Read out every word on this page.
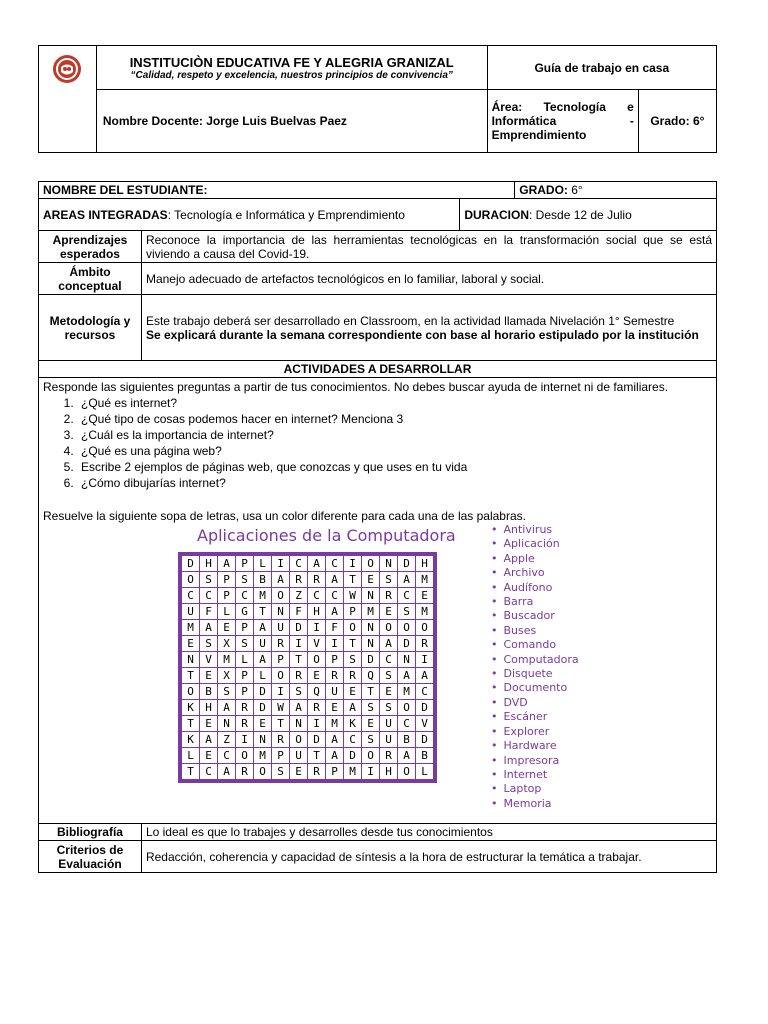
INSTITUCIÒN EDUCATIVA FE Y ALEGRIA GRANIZAL
“Calidad, respeto y excelencia, nuestros principios de convivencia”	Guía de trabajo en casa	
	Nombre Docente: Jorge Luis Buelvas Paez	Área: Tecnología e Informática - Emprendimiento	Grado: 6°
NOMBRE DEL ESTUDIANTE:	GRADO: 6°
AREAS INTEGRADAS: Tecnología e Informática y Emprendimiento	DURACION: Desde 12 de Julio
Aprendizajes esperados	Reconoce la importancia de las herramientas tecnológicas en la transformación social que se está viviendo a causa del Covid-19.
Ámbito conceptual	Manejo adecuado de artefactos tecnológicos en lo familiar, laboral y social.
Metodología y recursos	
Este trabajo deberá ser desarrollado en Classroom, en la actividad llamada Nivelación 1° Semestre
Se explicará durante la semana correspondiente con base al horario estipulado por la institución

ACTIVIDADES A DESARROLLAR

Responde las siguientes preguntas a partir de tus conocimientos. No debes buscar ayuda de internet ni de familiares.
1. ¿Qué es internet?
2. ¿Qué tipo de cosas podemos hacer en internet? Menciona 3
3. ¿Cuál es la importancia de internet?
4. ¿Qué es una página web?
5. Escribe 2 ejemplos de páginas web, que conozcas y que uses en tu vida
6. ¿Cómo dibujarías internet?
Resuelve la siguiente sopa de letras, usa un color diferente para cada una de las palabras.
Aplicaciones de la Computadora
D	H	A	P	L	I	C	A	C	I	O	N	D	H
O	S	P	S	B	A	R	R	A	T	E	S	A	M
C	C	P	C	M	O	Z	C	C	W	N	R	C	E
U	F	L	G	T	N	F	H	A	P	M	E	S	M
M	A	E	P	A	U	D	I	F	O	N	O	O	O
E	S	X	S	U	R	I	V	I	T	N	A	D	R
N	V	M	L	A	P	T	O	P	S	D	C	N	I
T	E	X	P	L	O	R	E	R	R	Q	S	A	A
O	B	S	P	D	I	S	Q	U	E	T	E	M	C
K	H	A	R	D	W	A	R	E	A	S	S	O	D
T	E	N	R	E	T	N	I	M	K	E	U	C	V
K	A	Z	I	N	R	O	D	A	C	S	U	B	D
L	E	C	O	M	P	U	T	A	D	O	R	A	B
T	C	A	R	O	S	E	R	P	M	I	H	O	L
• Antivirus
• Aplicación
• Apple
• Archivo
• Audífono
• Barra
• Buscador
• Buses
• Comando
• Computadora
• Disquete
• Documento
• DVD
• Escáner
• Explorer
• Hardware
• Impresora
• Internet
• Laptop
• Memoria

Bibliografía	Lo ideal es que lo trabajes y desarrolles desde tus conocimientos
Criterios de Evaluación	Redacción, coherencia y capacidad de síntesis a la hora de estructurar la temática a trabajar.
